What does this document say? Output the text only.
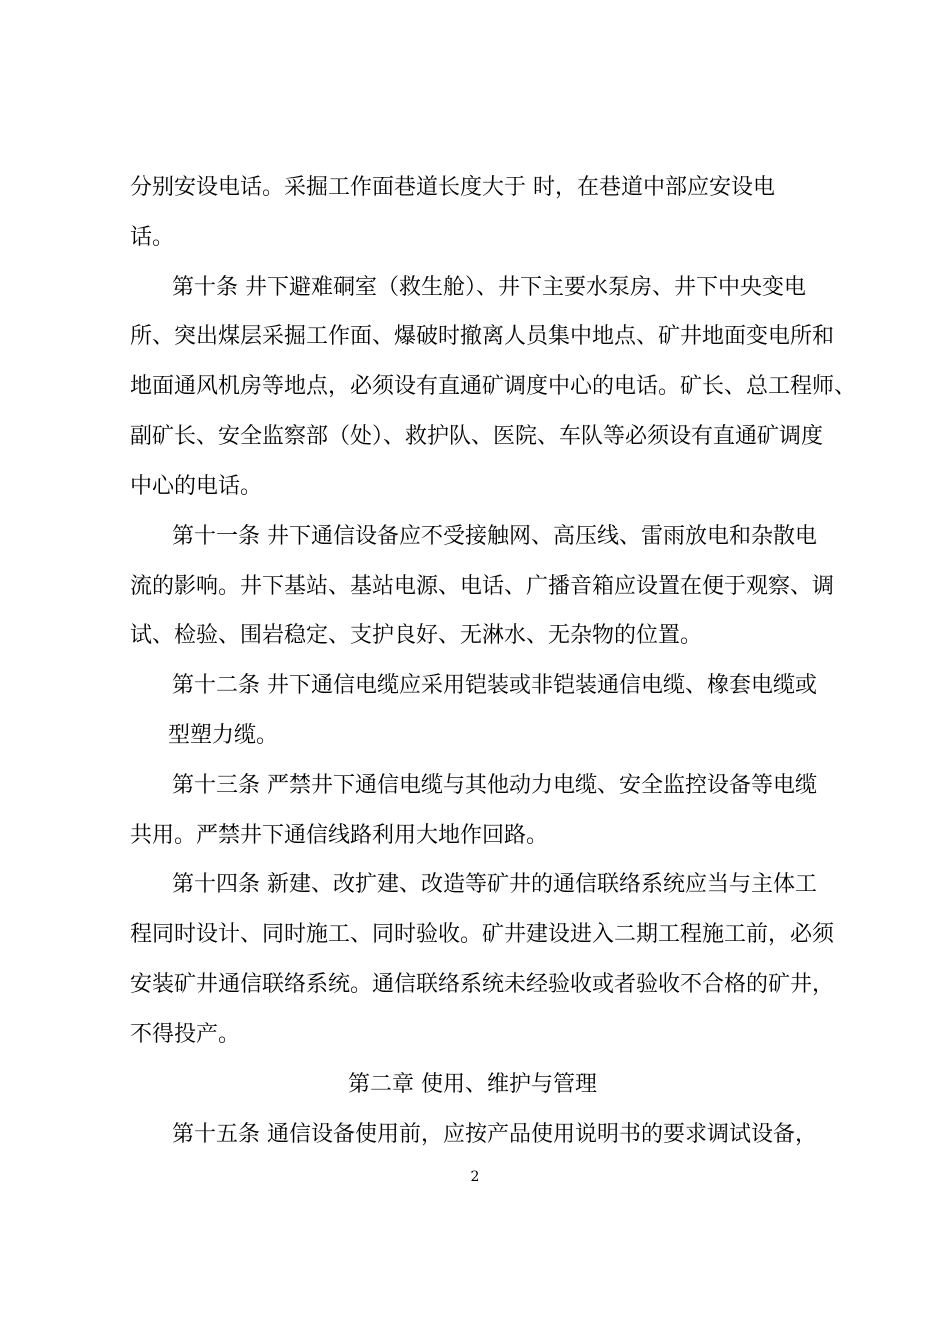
分别安设电话。采掘工作面巷道长度大于 时，在巷道中部应安设电

话。

第十条 井下避难硐室（救生舱）、井下主要水泵房、井下中央变电

所、突出煤层采掘工作面、爆破时撤离人员集中地点、矿井地面变电所和

地面通风机房等地点，必须设有直通矿调度中心的电话。矿长、总工程师、

副矿长、安全监察部（处）、救护队、医院、车队等必须设有直通矿调度

中心的电话。

第十一条 井下通信设备应不受接触网、高压线、雷雨放电和杂散电

流的影响。井下基站、基站电源、电话、广播音箱应设置在便于观察、调

试、检验、围岩稳定、支护良好、无淋水、无杂物的位置。

第十二条 井下通信电缆应采用铠装或非铠装通信电缆、橡套电缆或

型塑力缆。

第十三条 严禁井下通信电缆与其他动力电缆、安全监控设备等电缆

共用。严禁井下通信线路利用大地作回路。

第十四条 新建、改扩建、改造等矿井的通信联络系统应当与主体工

程同时设计、同时施工、同时验收。矿井建设进入二期工程施工前，必须

安装矿井通信联络系统。通信联络系统未经验收或者验收不合格的矿井，

不得投产。

第二章 使用、维护与管理

第十五条 通信设备使用前，应按产品使用说明书的要求调试设备，

2
